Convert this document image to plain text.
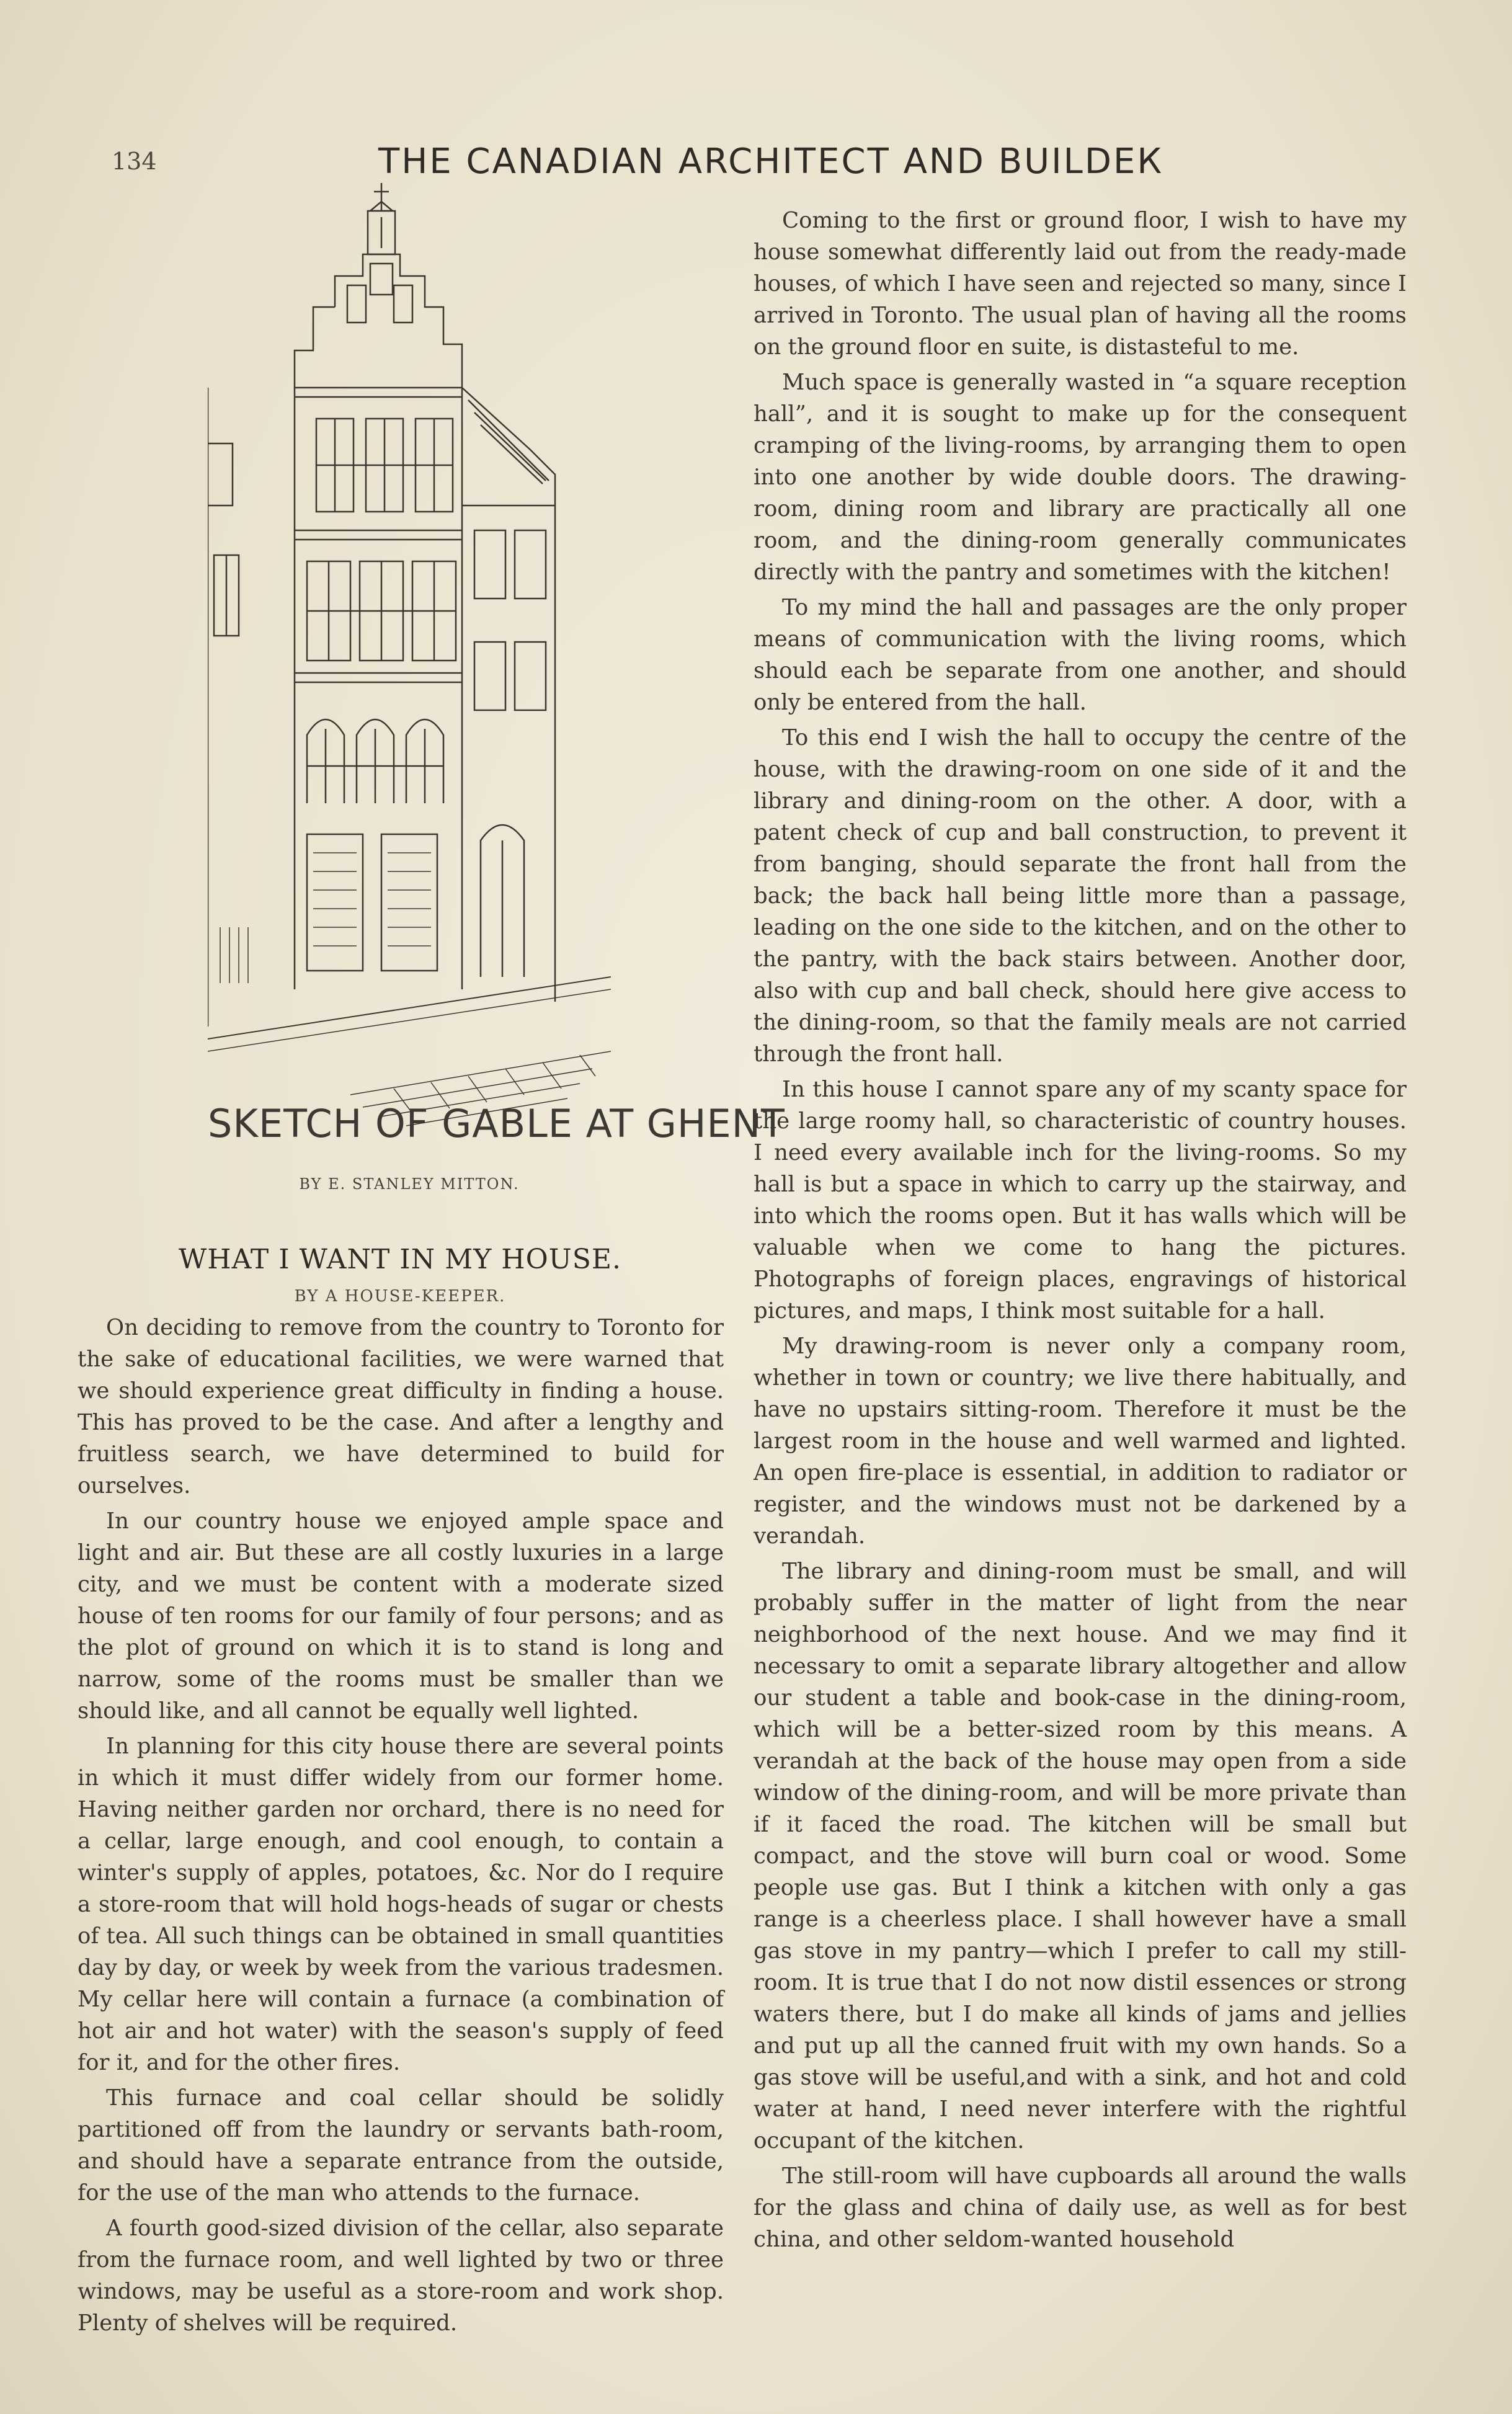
134	THE CANADIAN ARCHITECT AND BUILDEК
SKETCH OF GABLE AT GHENT
BY E. STANLEY MITTON.
WHAT I WANT IN MY HOUSE.
BY A HOUSE-KEEPER.

On deciding to remove from the country to Toronto for the sake of educational facilities, we were warned that we should experience great difficulty in finding a house. This has proved to be the case. And after a lengthy and fruitless search, we have determined to build for ourselves.

In our country house we enjoyed ample space and light and air. But these are all costly luxuries in a large city, and we must be content with a moderate sized house of ten rooms for our family of four persons; and as the plot of ground on which it is to stand is long and narrow, some of the rooms must be smaller than we should like, and all cannot be equally well lighted.

In planning for this city house there are several points in which it must differ widely from our former home. Having neither garden nor orchard, there is no need for a cellar, large enough, and cool enough, to contain a winter's supply of apples, potatoes, &c. Nor do I require a store-room that will hold hogs-heads of sugar or chests of tea. All such things can be obtained in small quantities day by day, or week by week from the various tradesmen. My cellar here will contain a furnace (a combination of hot air and hot water) with the season's supply of feed for it, and for the other fires.

This furnace and coal cellar should be solidly partitioned off from the laundry or servants bath-room, and should have a separate entrance from the outside, for the use of the man who attends to the furnace.

A fourth good-sized division of the cellar, also separate from the furnace room, and well lighted by two or three windows, may be useful as a store-room and work shop. Plenty of shelves will be required.

Coming to the first or ground floor, I wish to have my house somewhat differently laid out from the ready-made houses, of which I have seen and rejected so many, since I arrived in Toronto. The usual plan of having all the rooms on the ground floor en suite, is distasteful to me.

Much space is generally wasted in “a square reception hall”, and it is sought to make up for the consequent cramping of the living-rooms, by arranging them to open into one another by wide double doors. The drawing-room, dining room and library are practically all one room, and the dining-room generally communicates directly with the pantry and sometimes with the kitchen!

To my mind the hall and passages are the only proper means of communication with the living rooms, which should each be separate from one another, and should only be entered from the hall.

To this end I wish the hall to occupy the centre of the house, with the drawing-room on one side of it and the library and dining-room on the other. A door, with a patent check of cup and ball construction, to prevent it from banging, should separate the front hall from the back; the back hall being little more than a passage, leading on the one side to the kitchen, and on the other to the pantry, with the back stairs between. Another door, also with cup and ball check, should here give access to the dining-room, so that the family meals are not carried through the front hall.

In this house I cannot spare any of my scanty space for the large roomy hall, so characteristic of country houses. I need every available inch for the living-rooms. So my hall is but a space in which to carry up the stairway, and into which the rooms open. But it has walls which will be valuable when we come to hang the pictures. Photographs of foreign places, engravings of historical pictures, and maps, I think most suitable for a hall.

My drawing-room is never only a company room, whether in town or country; we live there habitually, and have no upstairs sitting-room. Therefore it must be the largest room in the house and well warmed and lighted. An open fire-place is essential, in addition to radiator or register, and the windows must not be darkened by a verandah.

The library and dining-room must be small, and will probably suffer in the matter of light from the near neighborhood of the next house. And we may find it necessary to omit a separate library altogether and allow our student a table and book-case in the dining-room, which will be a better-sized room by this means. A verandah at the back of the house may open from a side window of the dining-room, and will be more private than if it faced the road. The kitchen will be small but compact, and the stove will burn coal or wood. Some people use gas. But I think a kitchen with only a gas range is a cheerless place. I shall however have a small gas stove in my pantry—which I prefer to call my still-room. It is true that I do not now distil essences or strong waters there, but I do make all kinds of jams and jellies and put up all the canned fruit with my own hands. So a gas stove will be useful,and with a sink, and hot and cold water at hand, I need never interfere with the rightful occupant of the kitchen.

The still-room will have cupboards all around the walls for the glass and china of daily use, as well as for best china, and other seldom-wanted household
